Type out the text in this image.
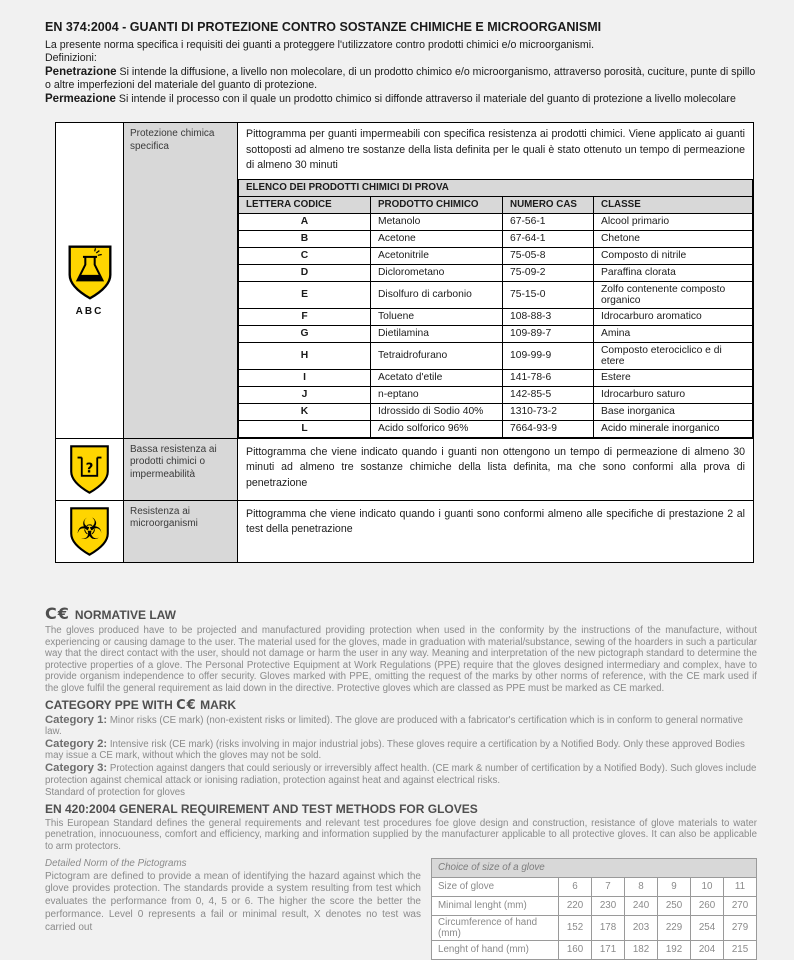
EN 374:2004 - GUANTI DI PROTEZIONE CONTRO SOSTANZE CHIMICHE E MICROORGANISMI

La presente norma specifica i requisiti dei guanti a proteggere l'utilizzatore contro prodotti chimici e/o microorganismi.

Definizioni:

Penetrazione Si intende la diffusione, a livello non molecolare, di un prodotto chimico e/o microorganismo, attraverso porosità, cuciture, punte di spillo o altre imperfezioni del materiale del guanto di protezione.

Permeazione Si intende il processo con il quale un prodotto chimico si diffonde attraverso il materiale del guanto di protezione a livello molecolare

ABC
Protezione chimica specifica

Pittogramma per guanti impermeabili con specifica resistenza ai prodotti chimici. Viene applicato ai guanti sottoposti ad almeno tre sostanze della lista definita per le quali è stato ottenuto un tempo di permeazione di almeno 30 minuti

ELENCO DEI PRODOTTI CHIMICI DI PROVA			
LETTERA CODICE	PRODOTTO CHIMICO	NUMERO CAS	CLASSE
A	Metanolo	67-56-1	Alcool primario
B	Acetone	67-64-1	Chetone
C	Acetonitrile	75-05-8	Composto di nitrile
D	Diclorometano	75-09-2	Paraffina clorata
E	Disolfuro di carbonio	75-15-0	Zolfo contenente composto organico
F	Toluene	108-88-3	Idrocarburo aromatico
G	Dietilamina	109-89-7	Amina
H	Tetraidrofurano	109-99-9	Composto eterociclico e di etere
I	Acetato d'etile	141-78-6	Estere
J	n-eptano	142-85-5	Idrocarburo saturo
K	Idrossido di Sodio 40%	1310-73-2	Base inorganica
L	Acido solforico 96%	7664-93-9	Acido minerale inorganico
?
Bassa resistenza ai prodotti chimici o impermeabilità

Pittogramma che viene indicato quando i guanti non ottengono un tempo di permeazione di almeno 30 minuti ad almeno tre sostanze chimiche della lista definita, ma che sono conformi alla prova di penetrazione

☣
Resistenza ai microorganismi

Pittogramma che viene indicato quando i guanti sono conformi almeno alle specifiche di prestazione 2 al test della penetrazione

C€ NORMATIVE LAW

The gloves produced have to be projected and manufactured providing protection when used in the conformity by the instructions of the manufacture, without experiencing or causing damage to the user. The material used for the gloves, made in graduation with material/substance, sewing of the hoarders in such a particular way that the direct contact with the user, should not damage or harm the user in any way. Meaning and interpretation of the new pictograph standard to determine the protective properties of a glove. The Personal Protective Equipment at Work Regulations (PPE) require that the gloves designed intermediary and complex, have to provide organism independence to offer security. Gloves marked with PPE, omitting the request of the marks by other norms of reference, with the CE mark used if the glove fulfil the general requirement as laid down in the directive. Protective gloves which are classed as PPE must be marked as CE marked.

CATEGORY PPE WITH C€ MARK

Category 1: Minor risks (CE mark) (non-existent risks or limited). The glove are produced with a fabricator's certification which is in conform to general normative law.

Category 2: Intensive risk (CE mark) (risks involving in major industrial jobs). These gloves require a certification by a Notified Body. Only these approved Bodies may issue a CE mark, without which the gloves may not be sold.

Category 3: Protection against dangers that could seriously or irreversibly affect health. (CE mark & number of certification by a Notified Body). Such gloves include protection against chemical attack or ionising radiation, protection against heat and against electrical risks.

Standard of protection for gloves

EN 420:2004 GENERAL REQUIREMENT AND TEST METHODS FOR GLOVES

This European Standard defines the general requirements and relevant test procedures foe glove design and construction, resistance of glove materials to water penetration, innocuouness, comfort and efficiency, marking and information supplied by the manufacturer applicable to all protective gloves. It can also be applicable to arm protectors.

Detailed Norm of the Pictograms

Pictogram are defined to provide a mean of identifying the hazard against which the glove provides protection. The standards provide a system resulting from test which evaluates the performance from 0, 4, 5 or 6. The higher the score the better the performance. Level 0 represents a fail or minimal result, X denotes no test was carried out

Choice of size of a glove						
Size of glove	6	7	8	9	10	11
Minimal lenght (mm)	220	230	240	250	260	270
Circumference of hand (mm)	152	178	203	229	254	279
Lenght of hand (mm)	160	171	182	192	204	215
